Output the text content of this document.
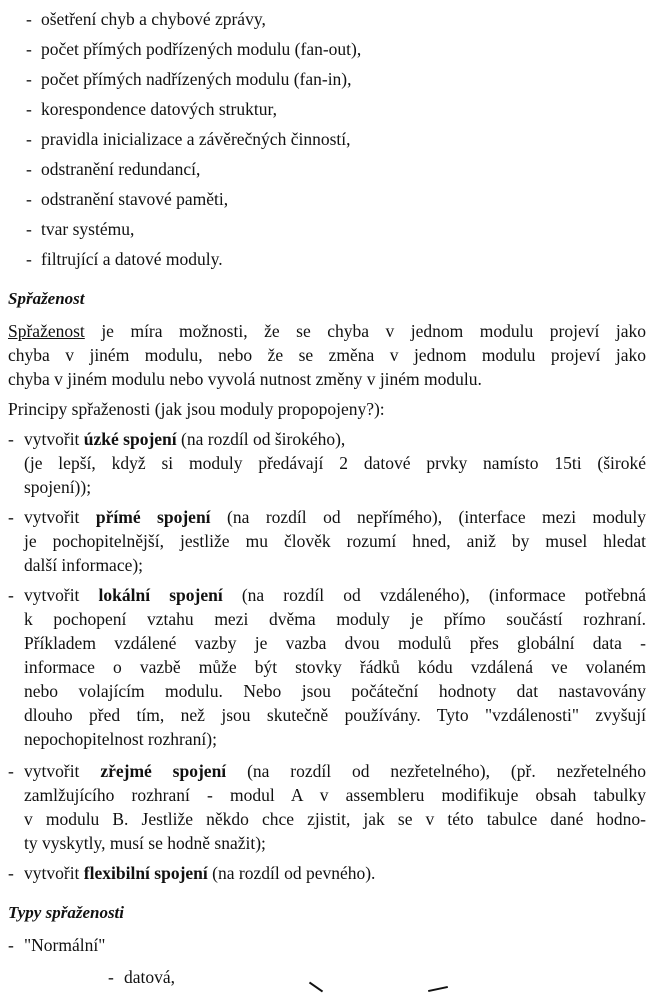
- ošetření chyb a chybové zprávy,
- počet přímých podřízených modulu (fan-out),
- počet přímých nadřízených modulu (fan-in),
- korespondence datových struktur,
- pravidla inicializace a závěrečných činností,
- odstranění redundancí,
- odstranění stavové paměti,
- tvar systému,
- filtrující a datové moduly.
Spřaženost
Spřaženost je míra možnosti, že se chyba v jednom modulu projeví jako
chyba v jiném modulu, nebo že se změna v jednom modulu projeví jako
chyba v jiném modulu nebo vyvolá nutnost změny v jiném modulu.
Principy spřaženosti (jak jsou moduly propopojeny?):
- vytvořit úzké spojení (na rozdíl od širokého),
(je lepší, když si moduly předávají 2 datové prvky namísto 15ti (široké
spojení));
- vytvořit přímé spojení (na rozdíl od nepřímého), (interface mezi moduly
je pochopitelnější, jestliže mu člověk rozumí hned, aniž by musel hledat
další informace);
- vytvořit lokální spojení (na rozdíl od vzdáleného), (informace potřebná
k pochopení vztahu mezi dvěma moduly je přímo součástí rozhraní.
Příkladem vzdálené vazby je vazba dvou modulů přes globální data -
informace o vazbě může být stovky řádků kódu vzdálená ve volaném
nebo volajícím modulu. Nebo jsou počáteční hodnoty dat nastavovány
dlouho před tím, než jsou skutečně používány. Tyto "vzdálenosti" zvyšují
nepochopitelnost rozhraní);
- vytvořit zřejmé spojení (na rozdíl od nezřetelného), (př. nezřetelného
zamlžujícího rozhraní - modul A v assembleru modifikuje obsah tabulky
v modulu B. Jestliže někdo chce zjistit, jak se v této tabulce dané hodno-
ty vyskytly, musí se hodně snažit);
- vytvořit flexibilní spojení (na rozdíl od pevného).
Typy spřaženosti
- "Normální"
- datová,
